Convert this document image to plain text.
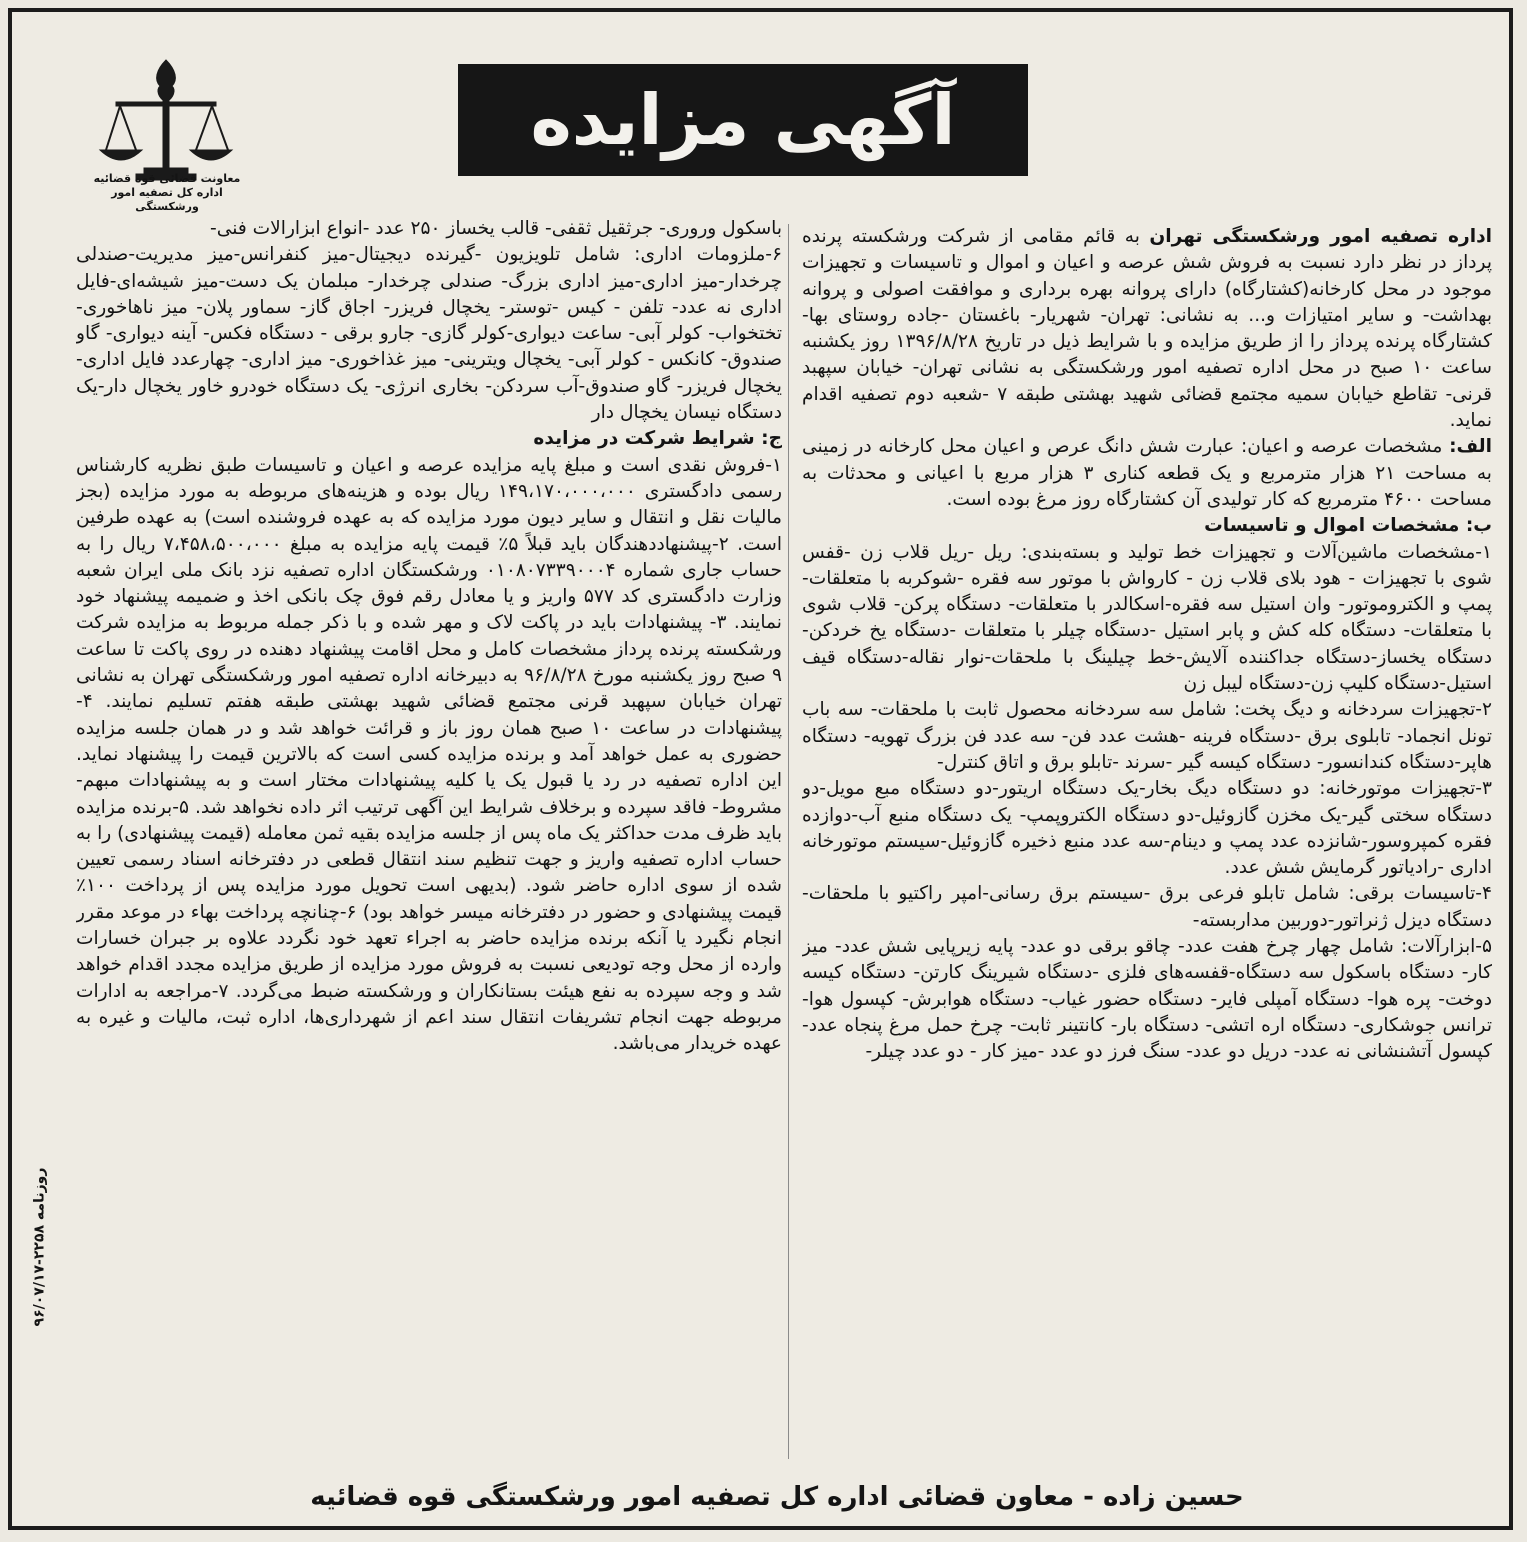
معاونت قضائی قوه قضائیه
اداره کل تصفیه امور ورشکستگی
آگهی مزایده

اداره تصفیه امور ورشکستگی تهران به قائم مقامی از شرکت ورشکسته پرنده پرداز در نظر دارد نسبت به فروش شش عرصه و اعیان و اموال و تاسیسات و تجهیزات موجود در محل کارخانه(کشتارگاه) دارای پروانه بهره برداری و موافقت اصولی و پروانه بهداشت- و سایر امتیازات و... به نشانی: تهران- شهریار- باغستان -جاده روستای بها- کشتارگاه پرنده پرداز را از طریق مزایده و با شرایط ذیل در تاریخ ۱۳۹۶/۸/۲۸ روز یکشنبه ساعت ۱۰ صبح در محل اداره تصفیه امور ورشکستگی به نشانی تهران- خیابان سپهبد قرنی- تقاطع خیابان سمیه مجتمع قضائی شهید بهشتی طبقه ۷ -شعبه دوم تصفیه اقدام نماید.

الف: مشخصات عرصه و اعیان: عبارت شش دانگ عرص و اعیان محل کارخانه در زمینی به مساحت ۲۱ هزار مترمربع و یک قطعه کناری ۳ هزار مربع با اعیانی و محدثات به مساحت ۴۶۰۰ مترمربع که کار تولیدی آن کشتارگاه روز مرغ بوده است.

ب: مشخصات اموال و تاسیسات

۱-مشخصات ماشین‌آلات و تجهیزات خط تولید و بسته‌بندی: ریل -ریل قلاب زن -قفس شوی با تجهیزات - هود بلای قلاب زن - کارواش با موتور سه فقره -شوکربه با متعلقات- پمپ و الکتروموتور- وان استیل سه فقره-اسکالدر با متعلقات- دستگاه پرکن- قلاب شوی با متعلقات- دستگاه کله کش و پابر استیل -دستگاه چیلر با متعلقات -دستگاه یخ خردکن- دستگاه یخساز-دستگاه جداکننده آلایش-خط چیلینگ با ملحقات-نوار نقاله-دستگاه قیف استیل-دستگاه کلیپ زن-دستگاه لیبل زن

۲-تجهیزات سردخانه و دیگ پخت: شامل سه سردخانه محصول ثابت با ملحقات- سه باب تونل انجماد- تابلوی برق -دستگاه فرینه -هشت عدد فن- سه عدد فن بزرگ تهویه- دستگاه هاپر-دستگاه کندانسور- دستگاه کیسه گیر -سرند -تابلو برق و اتاق کنترل-

۳-تجهیزات موتورخانه: دو دستگاه دیگ بخار-یک دستگاه اریتور-دو دستگاه مبع مویل-دو دستگاه سختی گیر-یک مخزن گازوئیل-دو دستگاه الکتروپمپ- یک دستگاه منبع آب-دوازده فقره کمپروسور-شانزده عدد پمپ و دینام-سه عدد منبع ذخیره گازوئیل-سیستم موتورخانه اداری -رادیاتور گرمایش شش عدد.

۴-تاسیسات برقی: شامل تابلو فرعی برق -سیستم برق رسانی-امپر راکتیو با ملحقات-دستگاه دیزل ژنراتور-دوربین مداربسته-

۵-ابزارآلات: شامل چهار چرخ هفت عدد- چاقو برقی دو عدد- پایه زیرپایی شش عدد- میز کار- دستگاه باسکول سه دستگاه-قفسه‌های فلزی -دستگاه شیرینگ کارتن- دستگاه کیسه دوخت- پره هوا- دستگاه آمپلی فایر- دستگاه حضور غیاب- دستگاه هوابرش- کپسول هوا- ترانس جوشکاری- دستگاه اره اتشی- دستگاه بار- کانتینر ثابت- چرخ حمل مرغ پنجاه عدد- کپسول آتشنشانی نه عدد- دریل دو عدد- سنگ فرز دو عدد -میز کار - دو عدد چیلر-

باسکول وروری- جرثقیل ثقفی- قالب یخساز ۲۵۰ عدد -انواع ابزارالات فنی-

۶-ملزومات اداری: شامل تلویزیون -گیرنده دیجیتال-میز کنفرانس-میز مدیریت-صندلی چرخدار-میز اداری-میز اداری بزرگ- صندلی چرخدار- مبلمان یک دست-میز شیشه‌ای-فایل اداری نه عدد- تلفن - کیس -توستر- یخچال فریزر- اجاق گاز- سماور پلان- میز ناهاخوری- تختخواب- کولر آبی- ساعت دیواری-کولر گازی- جارو برقی - دستگاه فکس- آینه دیواری- گاو صندوق- کانکس - کولر آبی- یخچال ویترینی- میز غذاخوری- میز اداری- چهارعدد فایل اداری- یخچال فریزر- گاو صندوق-آب سردکن- بخاری انرژی- یک دستگاه خودرو خاور یخچال دار-یک دستگاه نیسان یخچال دار

ج: شرایط شرکت در مزایده

۱-فروش نقدی است و مبلغ پایه مزایده عرصه و اعیان و تاسیسات طبق نظریه کارشناس رسمی دادگستری ۱۴۹،۱۷۰،۰۰۰،۰۰۰ ریال بوده و هزینه‌های مربوطه به مورد مزایده (بجز مالیات نقل و انتقال و سایر دیون مورد مزایده که به عهده فروشنده است) به عهده طرفین است. ۲-پیشنهاددهندگان باید قبلاً ۵٪ قیمت پایه مزایده به مبلغ ۷،۴۵۸،۵۰۰،۰۰۰ ریال را به حساب جاری شماره ۰۱۰۸۰۷۳۳۹۰۰۰۴ ورشکستگان اداره تصفیه نزد بانک ملی ایران شعبه وزارت دادگستری کد ۵۷۷ واریز و یا معادل رقم فوق چک بانکی اخذ و ضمیمه پیشنهاد خود نمایند. ۳- پیشنهادات باید در پاکت لاک و مهر شده و با ذکر جمله مربوط به مزایده شرکت ورشکسته پرنده پرداز مشخصات کامل و محل اقامت پیشنهاد دهنده در روی پاکت تا ساعت ۹ صبح روز یکشنبه مورخ ۹۶/۸/۲۸ به دبیرخانه اداره تصفیه امور ورشکستگی تهران به نشانی تهران خیابان سپهبد قرنی مجتمع قضائی شهید بهشتی طبقه هفتم تسلیم نمایند. ۴- پیشنهادات در ساعت ۱۰ صبح همان روز باز و قرائت خواهد شد و در همان جلسه مزایده حضوری به عمل خواهد آمد و برنده مزایده کسی است که بالاترین قیمت را پیشنهاد نماید. این اداره تصفیه در رد یا قبول یک یا کلیه پیشنهادات مختار است و به پیشنهادات مبهم- مشروط- فاقد سپرده و برخلاف شرایط این آگهی ترتیب اثر داده نخواهد شد. ۵-برنده مزایده باید ظرف مدت حداکثر یک ماه پس از جلسه مزایده بقیه ثمن معامله (قیمت پیشنهادی) را به حساب اداره تصفیه واریز و جهت تنظیم سند انتقال قطعی در دفترخانه اسناد رسمی تعیین شده از سوی اداره حاضر شود. (بدیهی است تحویل مورد مزایده پس از پرداخت ۱۰۰٪ قیمت پیشنهادی و حضور در دفترخانه میسر خواهد بود) ۶-چنانچه پرداخت بهاء در موعد مقرر انجام نگیرد یا آنکه برنده مزایده حاضر به اجراء تعهد خود نگردد علاوه بر جبران خسارات وارده از محل وجه تودیعی نسبت به فروش مورد مزایده از طریق مزایده مجدد اقدام خواهد شد و وجه سپرده به نفع هیئت بستانکاران و ورشکسته ضبط می‌گردد. ۷-مراجعه به ادارات مربوطه جهت انجام تشریفات انتقال سند اعم از شهرداری‌ها، اداره ثبت، مالیات و غیره به عهده خریدار می‌باشد.

روزنامه ۲۲۵۸-۹۶/۰۷/۱۷
حسین زاده - معاون قضائی اداره کل تصفیه امور ورشکستگی قوه قضائیه
